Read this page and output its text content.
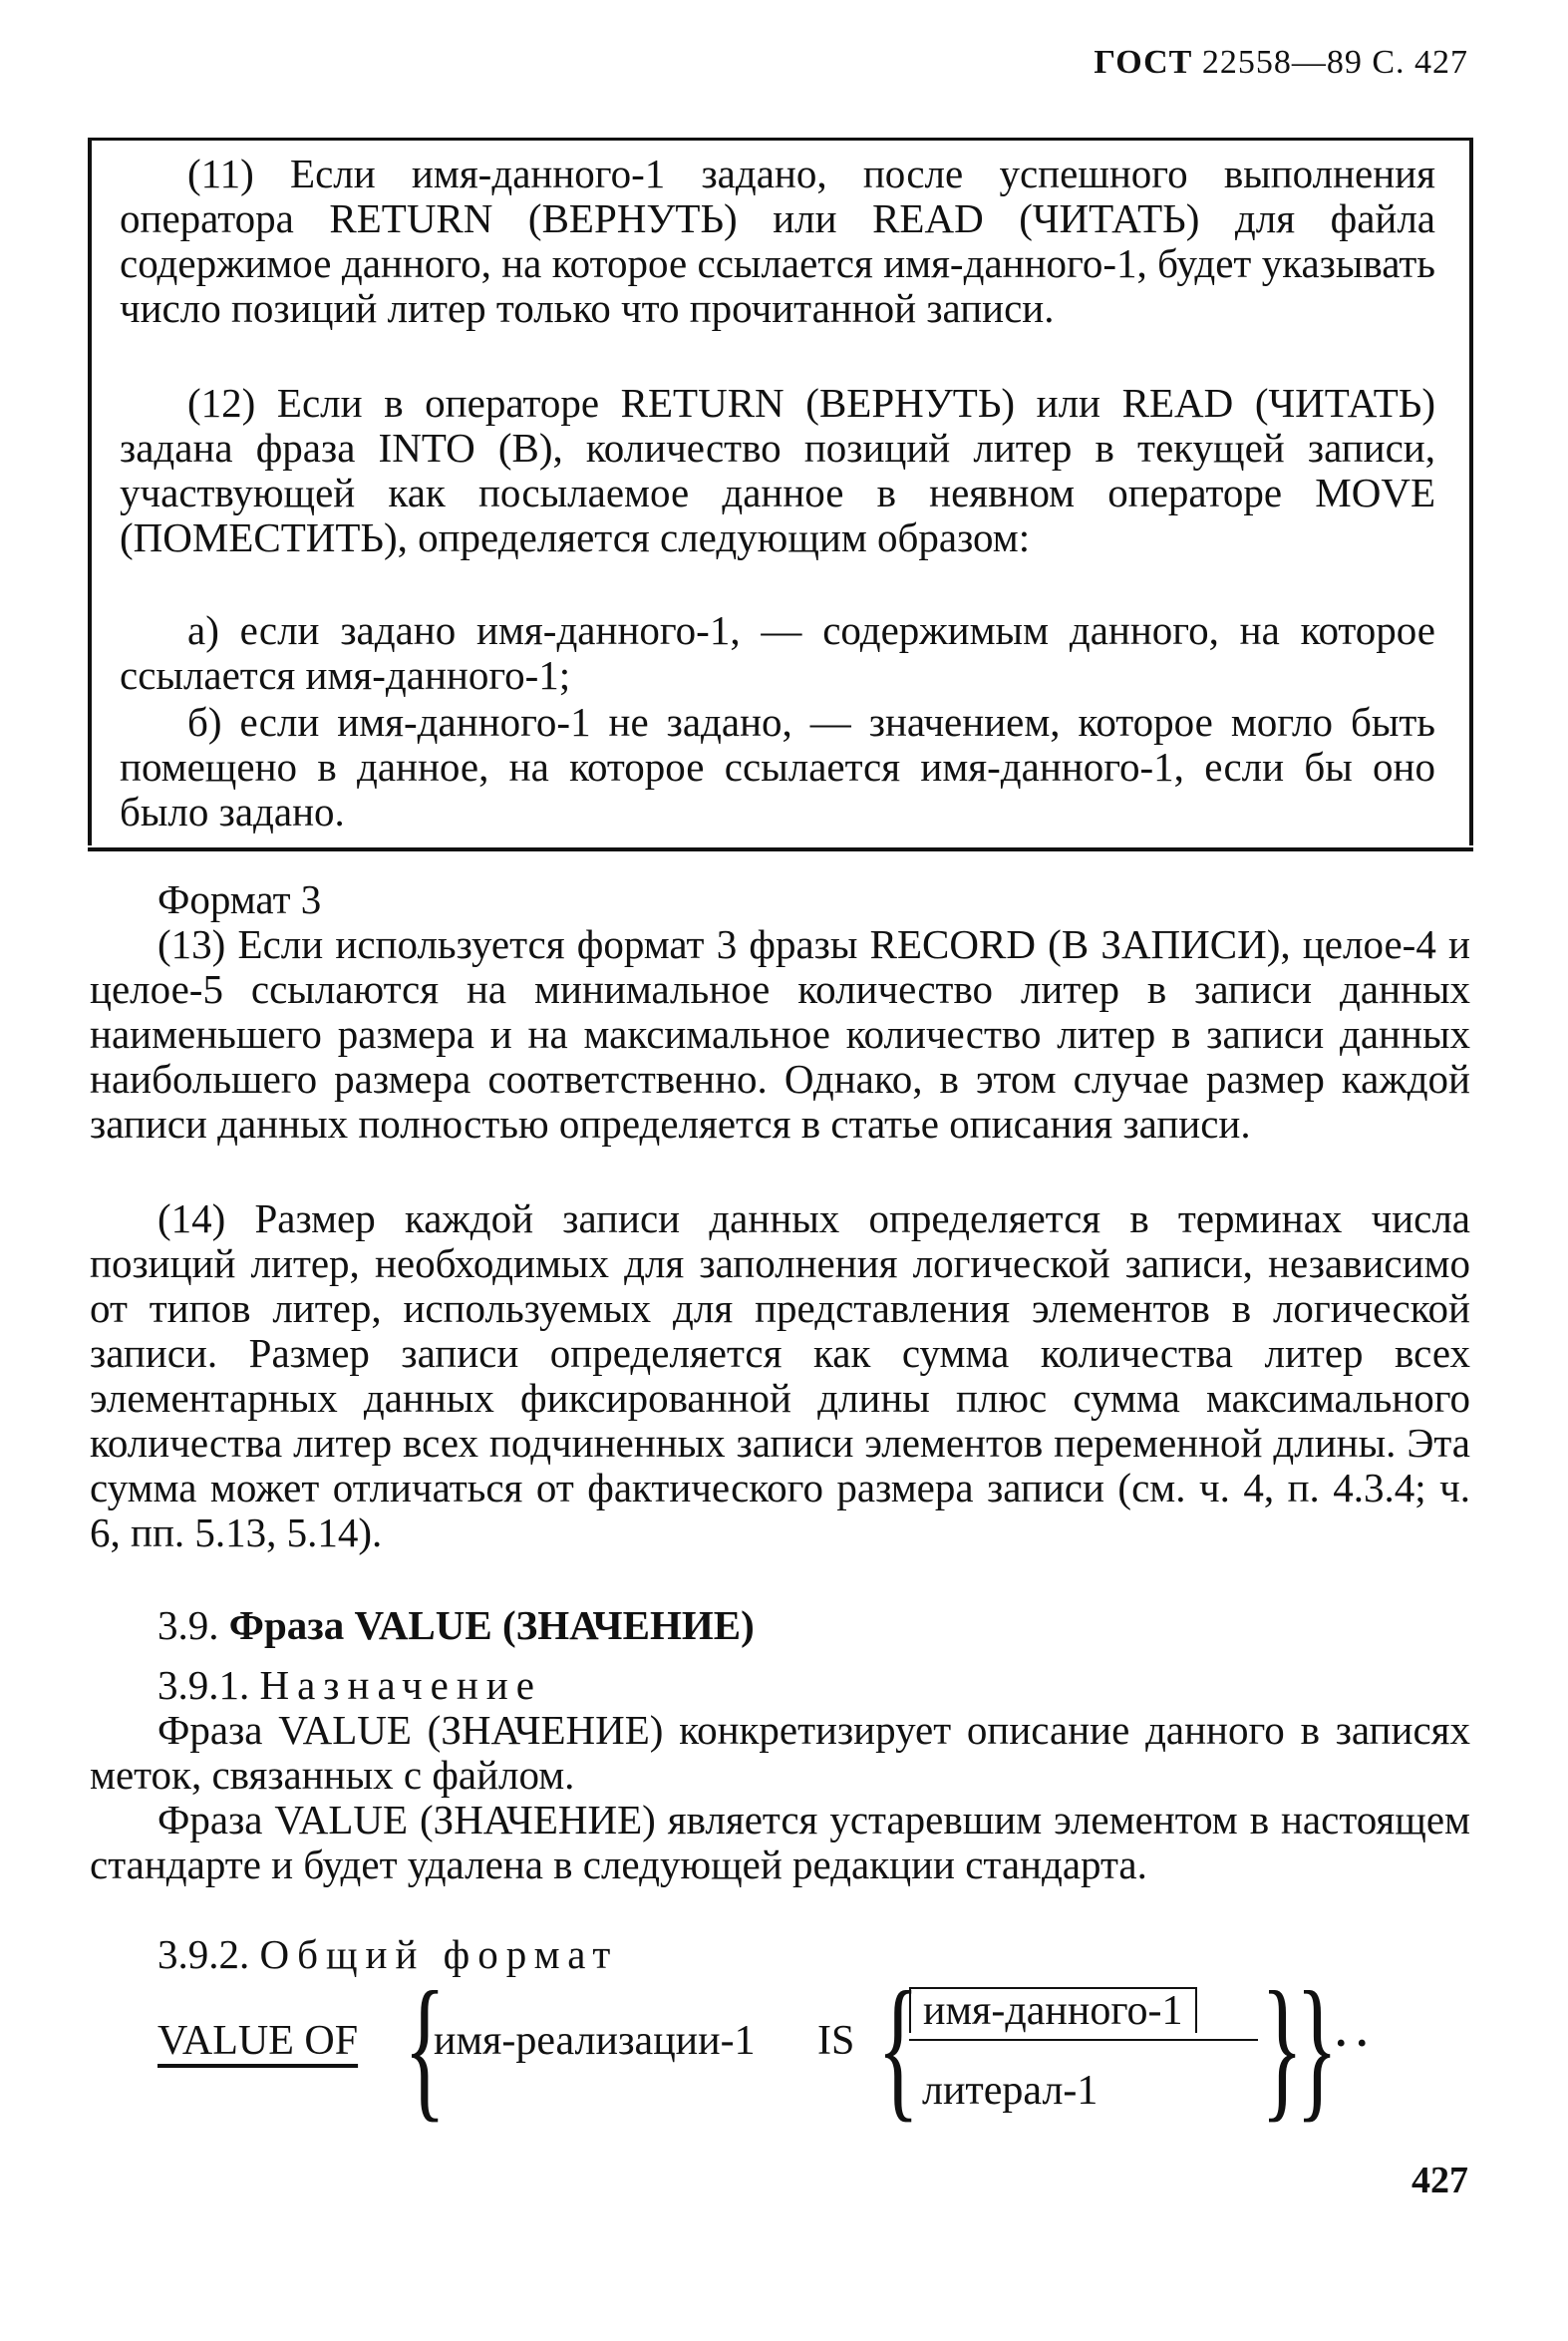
ГОСТ 22558—89 С. 427
(11) Если имя-данного-1 задано, после успешного выполнения оператора RETURN (ВЕРНУТЬ) или READ (ЧИТАТЬ) для файла содержимое данного, на которое ссылается имя-данного-1, будет указывать число позиций литер только что прочитанной записи.
(12) Если в операторе RETURN (ВЕРНУТЬ) или READ (ЧИТАТЬ) задана фраза INTO (В), количество позиций литер в текущей записи, участвующей как посылаемое данное в неявном операторе MOVE (ПОМЕСТИТЬ), определяется следующим образом:
а) если задано имя-данного-1, — содержимым данного, на которое ссылается имя-данного-1;
б) если имя-данного-1 не задано, — значением, которое могло быть помещено в данное, на которое ссылается имя-данного-1, если бы оно было задано.
Формат 3
(13) Если используется формат 3 фразы RECORD (В ЗАПИСИ), целое-4 и целое-5 ссылаются на минимальное количество литер в записи данных наименьшего размера и на максимальное количество литер в записи данных наибольшего размера соответственно. Однако, в этом случае размер каждой записи данных полностью определяется в статье описания записи.
(14) Размер каждой записи данных определяется в терминах числа позиций литер, необходимых для заполнения логической записи, независимо от типов литер, используемых для представления элементов в логической записи. Размер записи определяется как сумма количества литер всех элементарных данных фиксированной длины плюс сумма максимального количества литер всех подчиненных записи элементов переменной длины. Эта сумма может отличаться от фактического размера записи (см. ч. 4, п. 4.3.4; ч. 6, пп. 5.13, 5.14).
3.9. Фраза VALUE (ЗНАЧЕНИЕ)
3.9.1. Назначение
Фраза VALUE (ЗНАЧЕНИЕ) конкретизирует описание данного в записях меток, связанных с файлом.
Фраза VALUE (ЗНАЧЕНИЕ) является устаревшим элементом в настоящем стандарте и будет удалена в следующей редакции стандарта.
3.9.2. Общий формат
VALUE OF {
имя-реализации-1 IS { имя-данного-1
литерал-1 }
}
. .
427
